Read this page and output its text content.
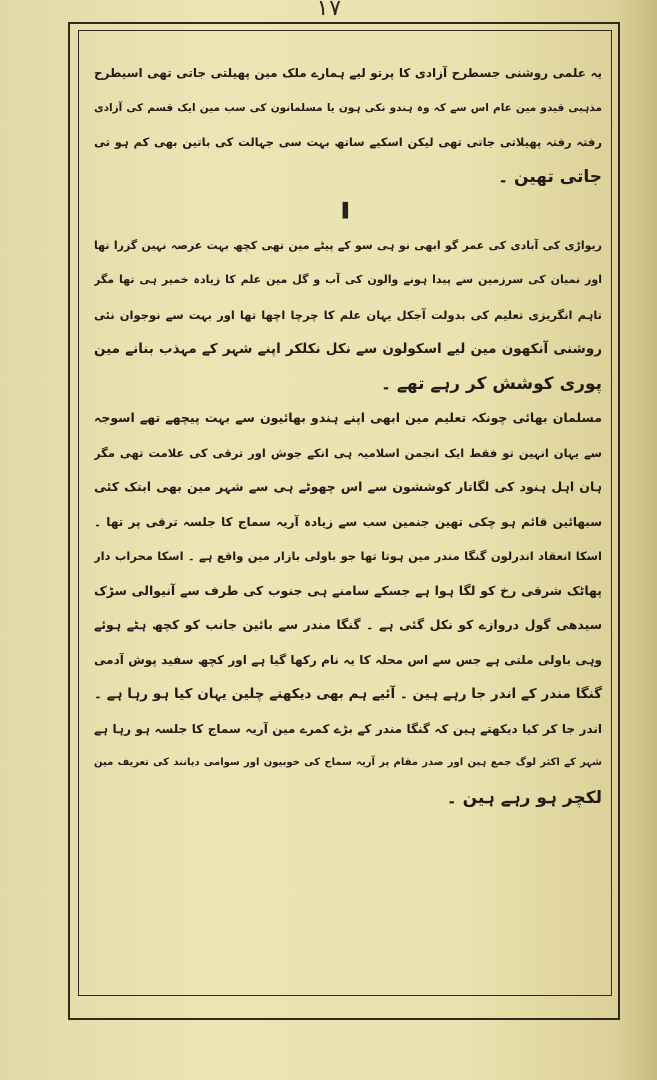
١٧

یہ علمی روشنی جسطرح آزادی کا پرتو لیے ہمارے ملک مین پھیلتی جاتی تھی اسیطرح

مذہبی قیدو مین عام اس سے کہ وہ ہندو نکی ہون یا مسلمانون کی سب مین ایک قسم کی آزادی

رفتہ رفتہ پھیلاتی جاتی تھی لیکن اسکیے ساتھ بہت سی جہالت کی باتین بھی کم ہو تی

جاتی تھین ۔

▌

ریواڑی کی آبادی کی عمر گو ابھی نو ہی سو کے پیٹے مین تھی کچھ بہت عرصہ نہین گزرا تھا

اور نمیان کی سرزمین سے پیدا ہونے والون کی آب و گل مین علم کا زیادہ خمیر ہی تھا مگر

تاہم انگریزی تعلیم کی بدولت آجکل یہان علم کا چرچا اچھا تھا اور بہت سے نوجوان نئی

روشنی آنکھون مین لیے اسکولون سے نکل نکلکر اپنے شہر کے مہذب بنانے مین

پوری کوشش کر رہے تھے ۔

مسلمان بھائی چونکہ تعلیم مین ابھی اپنے ہندو بھائیون سے بہت پیچھے تھے اسوجہ

سے یہان انہین تو فقط ایک انجمن اسلامیہ ہی انکے جوش اور ترقی کی علامت تھی مگر

ہان اہل ہنود کی لگاتار کوششون سے اس چھوٹے ہی سے شہر مین بھی ابتک کئی

سبھائین قائم ہو چکی تھین جنمین سب سے زیادہ آریہ سماج کا جلسہ ترقی پر تھا ۔

اسکا انعقاد اندرلون گنگا مندر مین ہوتا تھا جو باولی بازار مین واقع ہے ۔ اسکا محراب دار

پھاٹک شرقی رخ کو لگا ہوا ہے جسکے سامنے ہی جنوب کی طرف سے آنیوالی سڑک

سیدھی گول دروازے کو نکل گئی ہے ۔ گنگا مندر سے بائین جانب کو کچھ ہٹے ہوئے

وہی باولی ملتی ہے جس سے اس محلہ کا یہ نام رکھا گیا ہے اور کچھ سفید پوش آدمی

گنگا مندر کے اندر جا رہے ہین ۔ آئیے ہم بھی دیکھتے چلین یہان کیا ہو رہا ہے ۔

اندر جا کر کیا دیکھتے ہین کہ گنگا مندر کے بڑے کمرے مین آریہ سماج کا جلسہ ہو رہا ہے

شہر کے اکثر لوگ جمع ہین اور صدر مقام پر آریہ سماج کی خوبیون اور سوامی دیانند کی تعریف مین

لکچر ہو رہے ہین ۔
